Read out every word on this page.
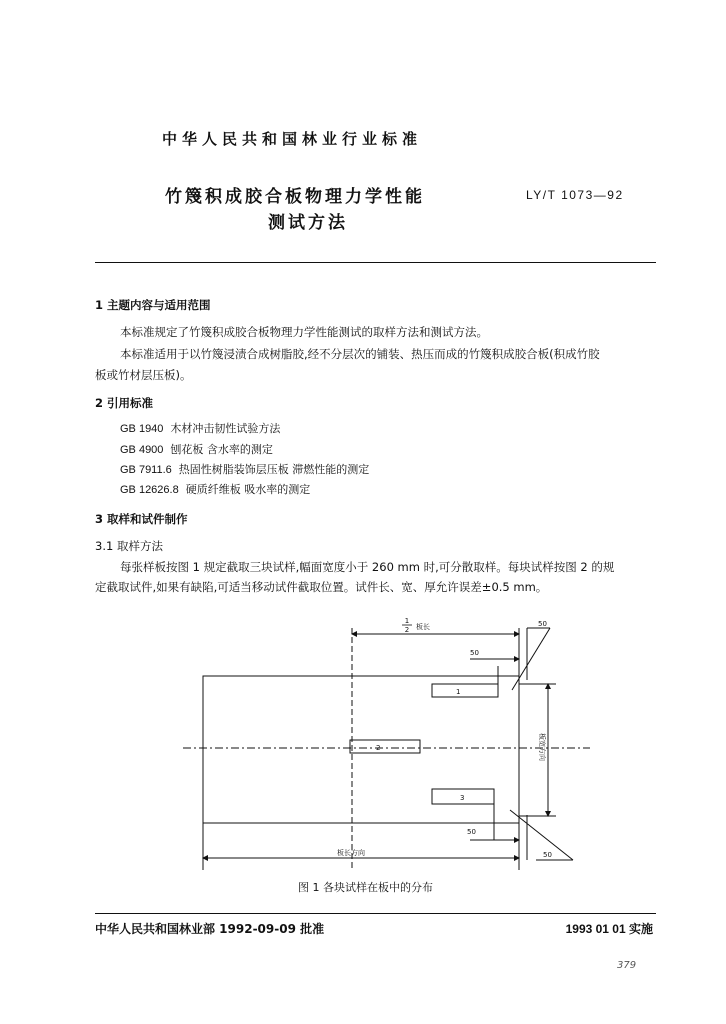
中华人民共和国林业行业标准
竹篾积成胶合板物理力学性能
测试方法
LY/T 1073—92
1 主题内容与适用范围
本标准规定了竹篾积成胶合板物理力学性能测试的取样方法和测试方法。
本标准适用于以竹篾浸渍合成树脂胶,经不分层次的铺装、热压而成的竹篾积成胶合板(积成竹胶
板或竹材层压板)。
2 引用标准
GB 1940 木材冲击韧性试验方法
GB 4900 刨花板 含水率的测定
GB 7911.6 热固性树脂装饰层压板 滞燃性能的测定
GB 12626.8 硬质纤维板 吸水率的测定
3 取样和试件制作
3.1 取样方法
每张样板按图 1 规定截取三块试样,幅面宽度小于 260 mm 时,可分散取样。每块试样按图 2 的规
定截取试件,如果有缺陷,可适当移动试件截取位置。试件长、宽、厚允许误差±0.5 mm。
1
2 板长	50
50
1
2
3
50
50
板长方向
板宽方向
图 1 各块试样在板中的分布
中华人民共和国林业部 1992-09-09 批准	1993 01 01 实施
379
